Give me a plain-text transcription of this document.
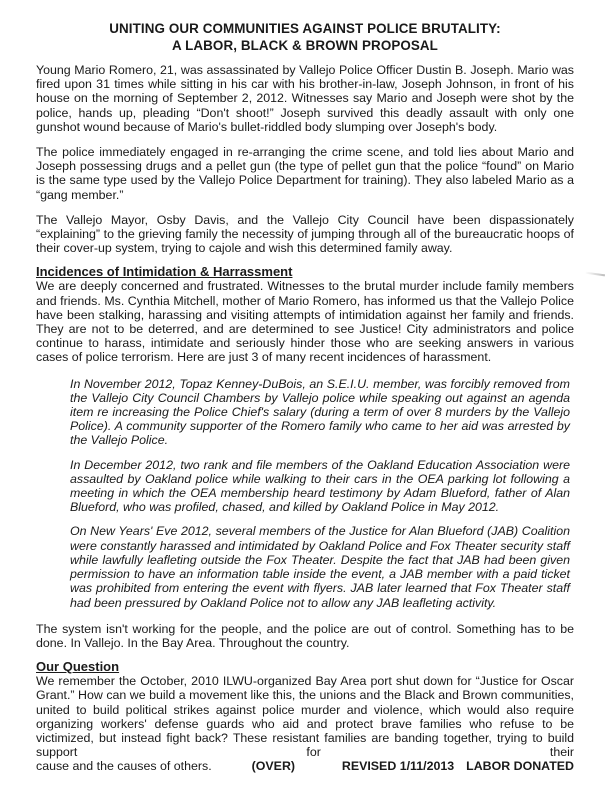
UNITING OUR COMMUNITIES AGAINST POLICE BRUTALITY:
A LABOR, BLACK & BROWN PROPOSAL

Young Mario Romero, 21, was assassinated by Vallejo Police Officer Dustin B. Joseph. Mario was fired upon 31 times while sitting in his car with his brother-in-law, Joseph Johnson, in front of his house on the morning of September 2, 2012. Witnesses say Mario and Joseph were shot by the police, hands up, pleading “Don't shoot!” Joseph survived this deadly assault with only one gunshot wound because of Mario's bullet-riddled body slumping over Joseph's body.

The police immediately engaged in re-arranging the crime scene, and told lies about Mario and Joseph possessing drugs and a pellet gun (the type of pellet gun that the police “found” on Mario is the same type used by the Vallejo Police Department for training). They also labeled Mario as a “gang member.”

The Vallejo Mayor, Osby Davis, and the Vallejo City Council have been dispassionately “explaining” to the grieving family the necessity of jumping through all of the bureaucratic hoops of their cover-up system, trying to cajole and wish this determined family away.

Incidences of Intimidation & Harrassment

We are deeply concerned and frustrated. Witnesses to the brutal murder include family members and friends. Ms. Cynthia Mitchell, mother of Mario Romero, has informed us that the Vallejo Police have been stalking, harassing and visiting attempts of intimidation against her family and friends. They are not to be deterred, and are determined to see Justice! City administrators and police continue to harass, intimidate and seriously hinder those who are seeking answers in various cases of police terrorism. Here are just 3 of many recent incidences of harassment.

In November 2012, Topaz Kenney-DuBois, an S.E.I.U. member, was forcibly removed from the Vallejo City Council Chambers by Vallejo police while speaking out against an agenda item re increasing the Police Chief's salary (during a term of over 8 murders by the Vallejo Police). A community supporter of the Romero family who came to her aid was arrested by the Vallejo Police.

In December 2012, two rank and file members of the Oakland Education Association were assaulted by Oakland police while walking to their cars in the OEA parking lot following a meeting in which the OEA membership heard testimony by Adam Blueford, father of Alan Blueford, who was profiled, chased, and killed by Oakland Police in May 2012.

On New Years' Eve 2012, several members of the Justice for Alan Blueford (JAB) Coalition were constantly harassed and intimidated by Oakland Police and Fox Theater security staff while lawfully leafleting outside the Fox Theater. Despite the fact that JAB had been given permission to have an information table inside the event, a JAB member with a paid ticket was prohibited from entering the event with flyers. JAB later learned that Fox Theater staff had been pressured by Oakland Police not to allow any JAB leafleting activity.

The system isn't working for the people, and the police are out of control. Something has to be done. In Vallejo. In the Bay Area. Throughout the country.

Our Question

We remember the October, 2010 ILWU-organized Bay Area port shut down for “Justice for Oscar Grant.” How can we build a movement like this, the unions and the Black and Brown communities, united to build political strikes against police murder and violence, which would also require organizing workers' defense guards who aid and protect brave families who refuse to be victimized, but instead fight back? These resistant families are banding together, trying to build support for their

cause and the causes of others.	(OVER)	REVISED 1/11/2013 LABOR DONATED
